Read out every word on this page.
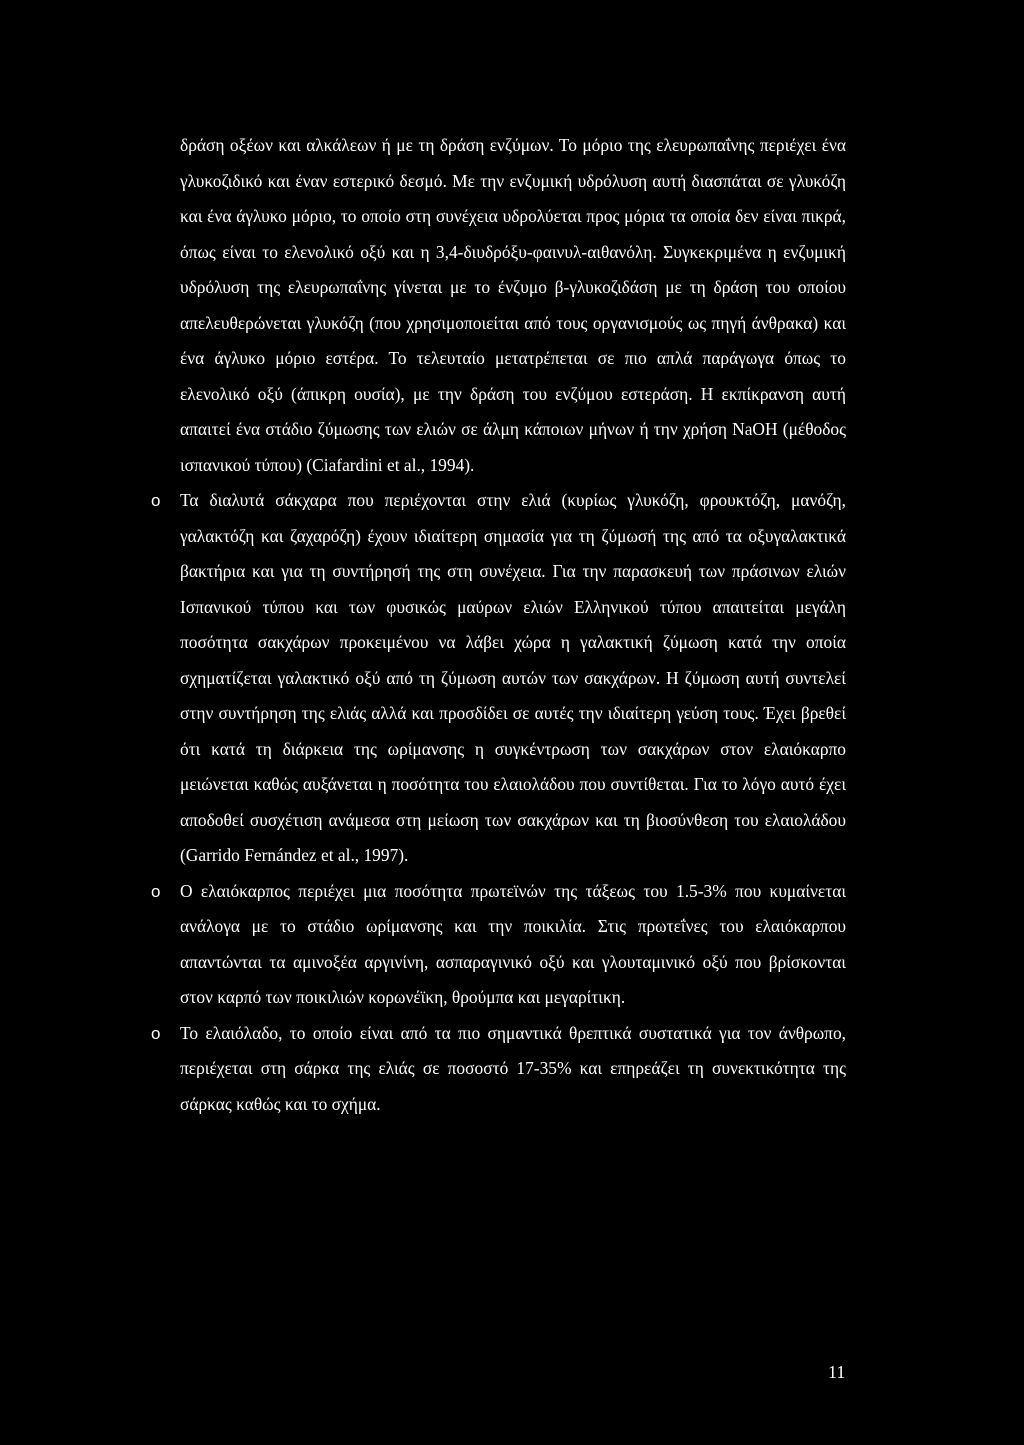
δράση οξέων και αλκάλεων ή με τη δράση ενζύμων. Το μόριο της ελευρωπαΐνης περιέχει ένα γλυκοζιδικό και έναν εστερικό δεσμό. Με την ενζυμική υδρόλυση αυτή διασπάται σε γλυκόζη και ένα άγλυκο μόριο, το οποίο στη συνέχεια υδρολύεται προς μόρια τα οποία δεν είναι πικρά, όπως είναι το ελενολικό οξύ και η 3,4-διυδρόξυ-φαινυλ-αιθανόλη. Συγκεκριμένα η ενζυμική υδρόλυση της ελευρωπαΐνης γίνεται με το ένζυμο β-γλυκοζιδάση με τη δράση του οποίου απελευθερώνεται γλυκόζη (που χρησιμοποιείται από τους οργανισμούς ως πηγή άνθρακα) και ένα άγλυκο μόριο εστέρα. Το τελευταίο μετατρέπεται σε πιο απλά παράγωγα όπως το ελενολικό οξύ (άπικρη ουσία), με την δράση του ενζύμου εστεράση. Η εκπίκρανση αυτή απαιτεί ένα στάδιο ζύμωσης των ελιών σε άλμη κάποιων μήνων ή την χρήση NaOH (μέθοδος ισπανικού τύπου) (Ciafardini et al., 1994).

o Τα διαλυτά σάκχαρα που περιέχονται στην ελιά (κυρίως γλυκόζη, φρουκτόζη, μανόζη, γαλακτόζη και ζαχαρόζη) έχουν ιδιαίτερη σημασία για τη ζύμωσή της από τα οξυγαλακτικά βακτήρια και για τη συντήρησή της στη συνέχεια. Για την παρασκευή των πράσινων ελιών Ισπανικού τύπου και των φυσικώς μαύρων ελιών Ελληνικού τύπου απαιτείται μεγάλη ποσότητα σακχάρων προκειμένου να λάβει χώρα η γαλακτική ζύμωση κατά την οποία σχηματίζεται γαλακτικό οξύ από τη ζύμωση αυτών των σακχάρων. Η ζύμωση αυτή συντελεί στην συντήρηση της ελιάς αλλά και προσδίδει σε αυτές την ιδιαίτερη γεύση τους. Έχει βρεθεί ότι κατά τη διάρκεια της ωρίμανσης η συγκέντρωση των σακχάρων στον ελαιόκαρπο μειώνεται καθώς αυξάνεται η ποσότητα του ελαιολάδου που συντίθεται. Για το λόγο αυτό έχει αποδοθεί συσχέτιση ανάμεσα στη μείωση των σακχάρων και τη βιοσύνθεση του ελαιολάδου (Garrido Fernández et al., 1997).
o Ο ελαιόκαρπος περιέχει μια ποσότητα πρωτεϊνών της τάξεως του 1.5-3% που κυμαίνεται ανάλογα με το στάδιο ωρίμανσης και την ποικιλία. Στις πρωτεΐνες του ελαιόκαρπου απαντώνται τα αμινοξέα αργινίνη, ασπαραγινικό οξύ και γλουταμινικό οξύ που βρίσκονται στον καρπό των ποικιλιών κορωνέϊκη, θρούμπα και μεγαρίτικη.
o Το ελαιόλαδο, το οποίο είναι από τα πιο σημαντικά θρεπτικά συστατικά για τον άνθρωπο, περιέχεται στη σάρκα της ελιάς σε ποσοστό 17-35% και επηρεάζει τη συνεκτικότητα της σάρκας καθώς και το σχήμα.
11
